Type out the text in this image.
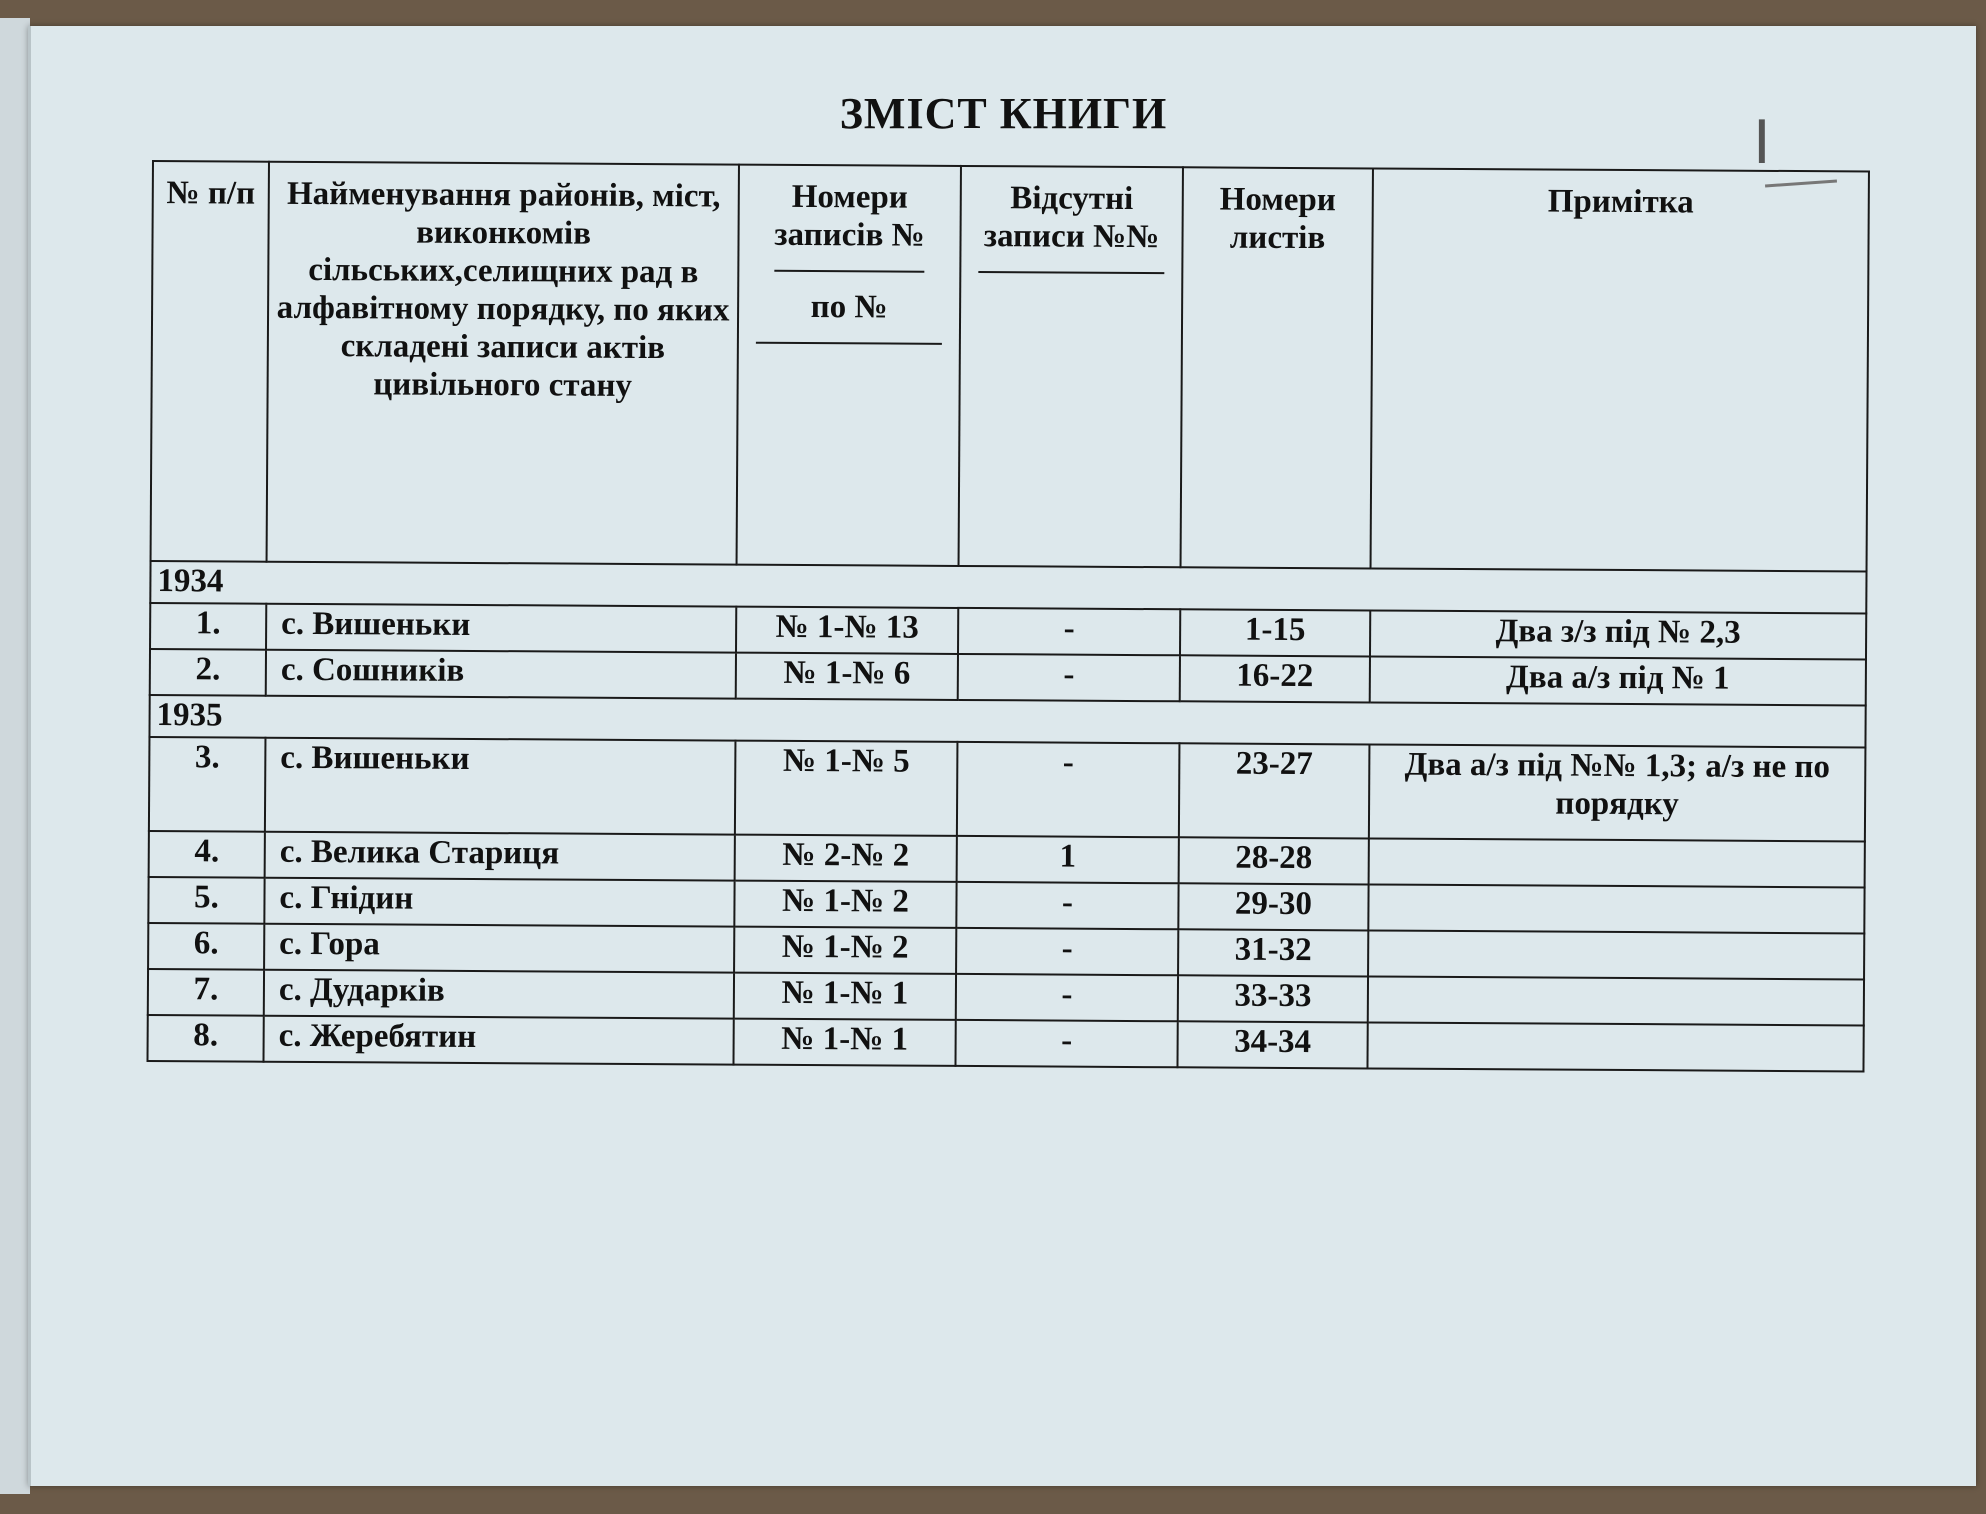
ЗМІСТ КНИГИ	I
№ п/п	Найменування районів, міст, виконкомів сільських,селищних рад в алфавітному порядку, по яких складені записи актів цивільного стану	Номери записів №
по №	Відсутні записи №№	Номери листів	Примітка
1934					
1.	с. Вишеньки	№ 1-№ 13	-	1-15	Два з/з під № 2,3
2.	с. Сошників	№ 1-№ 6	-	16-22	Два а/з під № 1
1935					
3.	с. Вишеньки	№ 1-№ 5	-	23-27	Два а/з під №№ 1,3; а/з не по порядку
4.	с. Велика Стариця	№ 2-№ 2	1	28-28	
5.	с. Гнідин	№ 1-№ 2	-	29-30	
6.	с. Гора	№ 1-№ 2	-	31-32	
7.	с. Дударків	№ 1-№ 1	-	33-33	
8.	с. Жеребятин	№ 1-№ 1	-	34-34	
